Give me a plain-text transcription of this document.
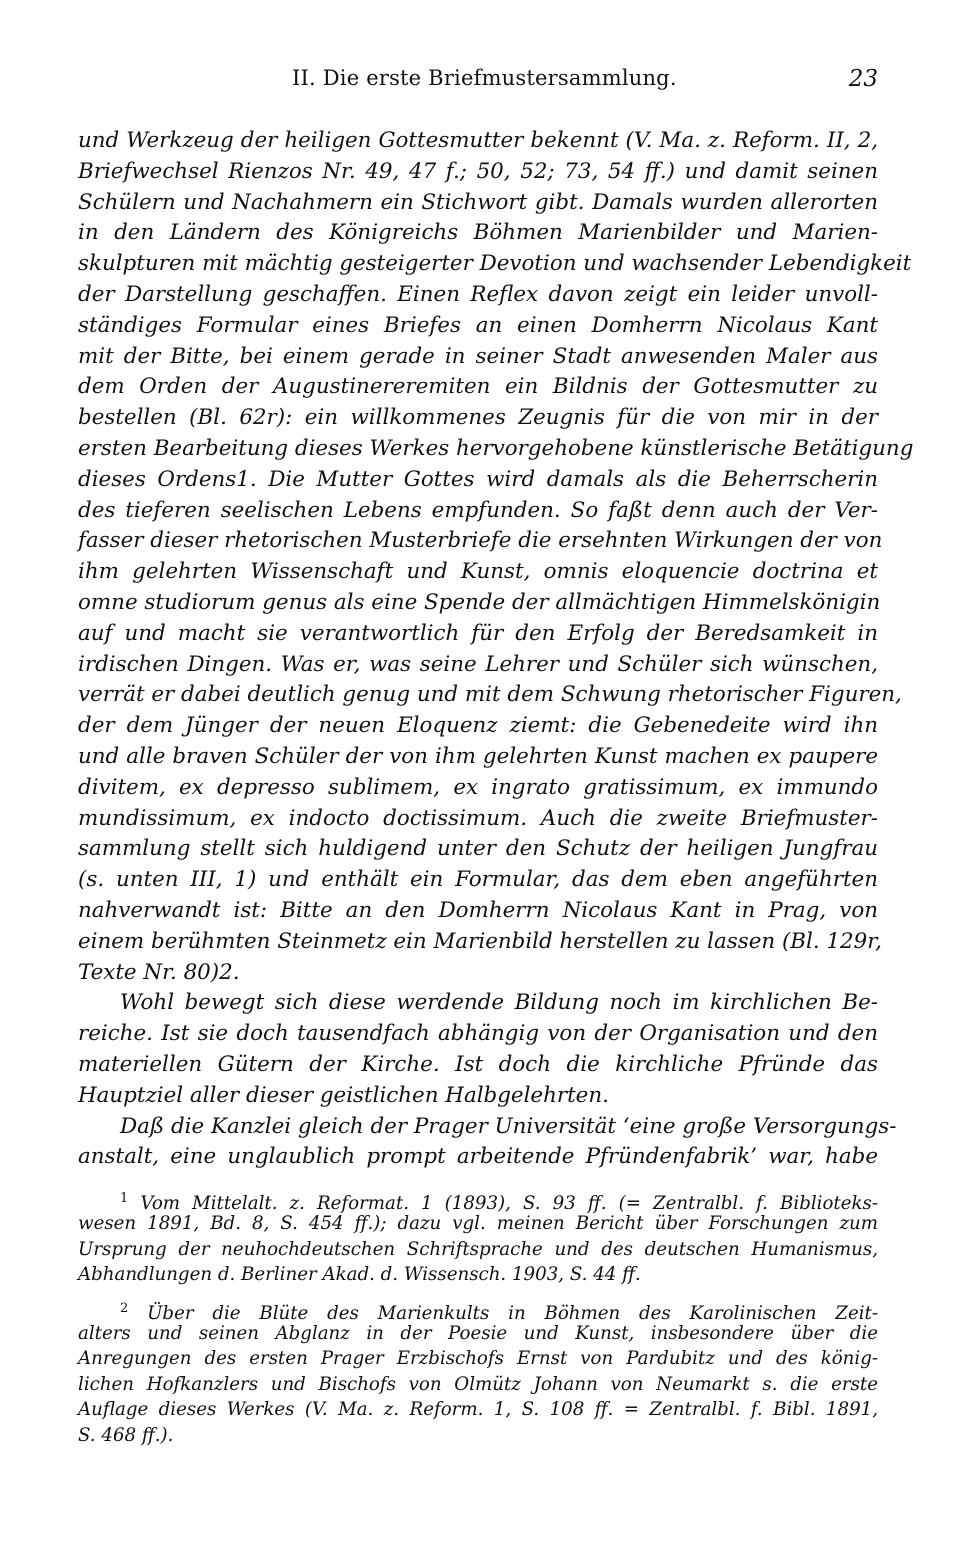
II. Die erste Briefmustersammlung.	23
und Werkzeug der heiligen Gottesmutter bekennt (V. Ma. z. Reform. II, 2,
Briefwechsel Rienzos Nr. 49, 47 f.; 50, 52; 73, 54 ff.) und damit seinen
Schülern und Nachahmern ein Stichwort gibt. Damals wurden allerorten
in den Ländern des Königreichs Böhmen Marienbilder und Marien-
skulpturen mit mächtig gesteigerter Devotion und wachsender Lebendigkeit
der Darstellung geschaffen. Einen Reflex davon zeigt ein leider unvoll-
ständiges Formular eines Briefes an einen Domherrn Nicolaus Kant
mit der Bitte, bei einem gerade in seiner Stadt anwesenden Maler aus
dem Orden der Augustinereremiten ein Bildnis der Gottesmutter zu
bestellen (Bl. 62r): ein willkommenes Zeugnis für die von mir in der
ersten Bearbeitung dieses Werkes hervorgehobene künstlerische Betätigung
dieses Ordens1. Die Mutter Gottes wird damals als die Beherrscherin
des tieferen seelischen Lebens empfunden. So faßt denn auch der Ver-
fasser dieser rhetorischen Musterbriefe die ersehnten Wirkungen der von
ihm gelehrten Wissenschaft und Kunst, omnis eloquencie doctrina et
omne studiorum genus als eine Spende der allmächtigen Himmelskönigin
auf und macht sie verantwortlich für den Erfolg der Beredsamkeit in
irdischen Dingen. Was er, was seine Lehrer und Schüler sich wünschen,
verrät er dabei deutlich genug und mit dem Schwung rhetorischer Figuren,
der dem Jünger der neuen Eloquenz ziemt: die Gebenedeite wird ihn
und alle braven Schüler der von ihm gelehrten Kunst machen ex paupere
divitem, ex depresso sublimem, ex ingrato gratissimum, ex immundo
mundissimum, ex indocto doctissimum. Auch die zweite Briefmuster-
sammlung stellt sich huldigend unter den Schutz der heiligen Jungfrau
(s. unten III, 1) und enthält ein Formular, das dem eben angeführten
nahverwandt ist: Bitte an den Domherrn Nicolaus Kant in Prag, von
einem berühmten Steinmetz ein Marienbild herstellen zu lassen (Bl. 129r,
Texte Nr. 80)2.
Wohl bewegt sich diese werdende Bildung noch im kirchlichen Be-
reiche. Ist sie doch tausendfach abhängig von der Organisation und den
materiellen Gütern der Kirche. Ist doch die kirchliche Pfründe das
Hauptziel aller dieser geistlichen Halbgelehrten.
Daß die Kanzlei gleich der Prager Universität ‘eine große Versorgungs-
anstalt, eine unglaublich prompt arbeitende Pfründenfabrik’ war, habe
$^1$ Vom Mittelalt. z. Reformat. 1 (1893), S. 93 ff. (= Zentralbl. f. Biblioteks-
wesen 1891, Bd. 8, S. 454 ff.); dazu vgl. meinen Bericht über Forschungen zum
Ursprung der neuhochdeutschen Schriftsprache und des deutschen Humanismus,
Abhandlungen d. Berliner Akad. d. Wissensch. 1903, S. 44 ff.
$^2$ Über die Blüte des Marienkults in Böhmen des Karolinischen Zeit-
alters und seinen Abglanz in der Poesie und Kunst, insbesondere über die
Anregungen des ersten Prager Erzbischofs Ernst von Pardubitz und des könig-
lichen Hofkanzlers und Bischofs von Olmütz Johann von Neumarkt s. die erste
Auflage dieses Werkes (V. Ma. z. Reform. 1, S. 108 ff. = Zentralbl. f. Bibl. 1891,
S. 468 ff.).
